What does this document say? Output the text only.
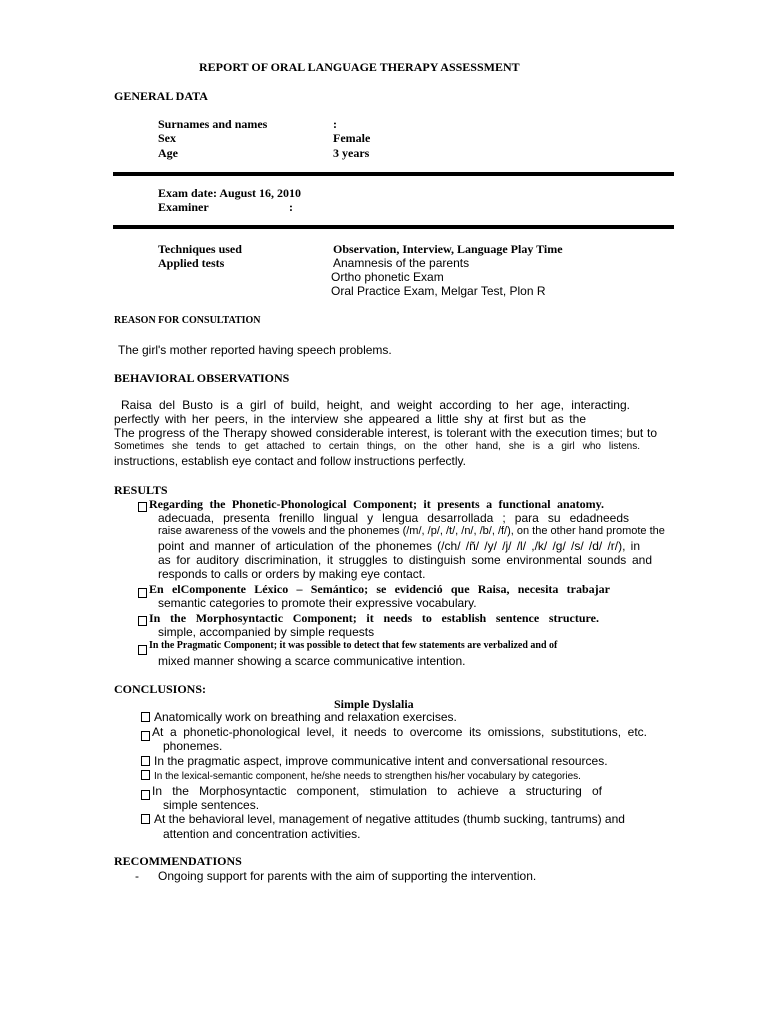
REPORT OF ORAL LANGUAGE THERAPY ASSESSMENT
GENERAL DATA
Surnames and names	:
Sex	Female
Age	3 years
Exam date: August 16, 2010
Examiner	:
Techniques used	Observation, Interview, Language Play Time
Applied tests	Anamnesis of the parents
Ortho phonetic Exam
Oral Practice Exam, Melgar Test, Plon R
REASON FOR CONSULTATION
The girl's mother reported having speech problems.
BEHAVIORAL OBSERVATIONS
Raisa del Busto is a girl of build, height, and weight according to her age, interacting.
perfectly with her peers, in the interview she appeared a little shy at first but as the
The progress of the Therapy showed considerable interest, is tolerant with the execution times; but to
Sometimes she tends to get attached to certain things, on the other hand, she is a girl who listens.
instructions, establish eye contact and follow instructions perfectly.
RESULTS
Regarding the Phonetic-Phonological Component; it presents a functional anatomy.
adecuada, presenta frenillo lingual y lengua desarrollada ; para su edadneeds
raise awareness of the vowels and the phonemes (/m/, /p/, /t/, /n/, /b/, /f/), on the other hand promote the
point and manner of articulation of the phonemes (/ch/ /ñ/ /y/ /j/ /l/ ,/k/ /g/ /s/ /d/ /r/), in
as for auditory discrimination, it struggles to distinguish some environmental sounds and
responds to calls or orders by making eye contact.
En elComponente Léxico – Semántico; se evidenció que Raisa, necesita trabajar
semantic categories to promote their expressive vocabulary.
In the Morphosyntactic Component; it needs to establish sentence structure.
simple, accompanied by simple requests
In the Pragmatic Component; it was possible to detect that few statements are verbalized and of
mixed manner showing a scarce communicative intention.
CONCLUSIONS:
Simple Dyslalia
Anatomically work on breathing and relaxation exercises.
At a phonetic-phonological level, it needs to overcome its omissions, substitutions, etc.
phonemes.
In the pragmatic aspect, improve communicative intent and conversational resources.
In the lexical-semantic component, he/she needs to strengthen his/her vocabulary by categories.
In the Morphosyntactic component, stimulation to achieve a structuring of
simple sentences.
At the behavioral level, management of negative attitudes (thumb sucking, tantrums) and
attention and concentration activities.
RECOMMENDATIONS
- Ongoing support for parents with the aim of supporting the intervention.
